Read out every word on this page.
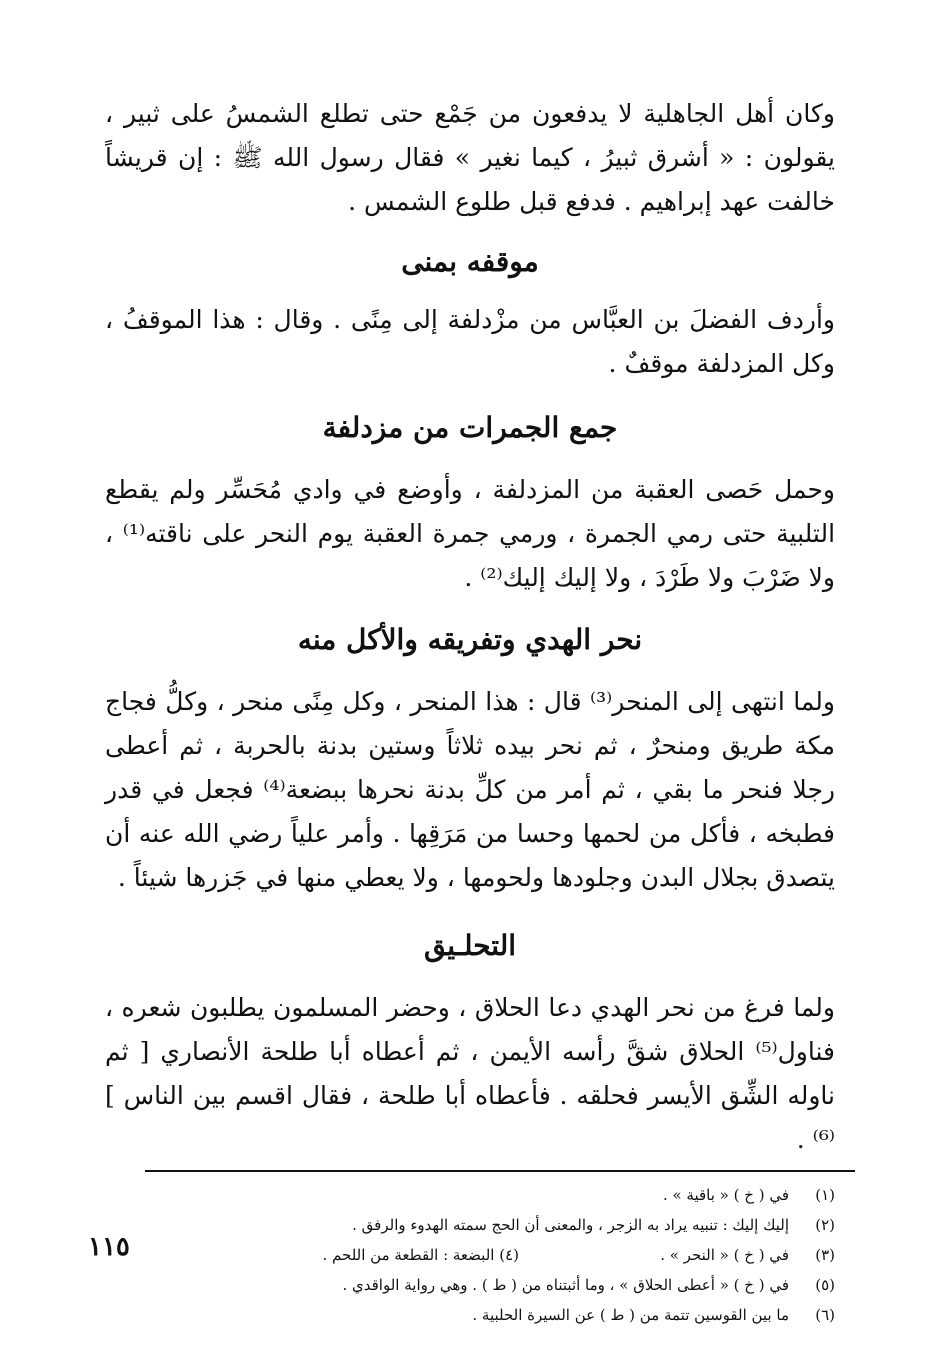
وكان أهل الجاهلية لا يدفعون من جَمْع حتى تطلع الشمسُ على ثبير ، يقولون : « أشرق ثبيرُ ، كيما نغير » فقال رسول الله ﷺ : إن قريشاً خالفت عهد إبراهيم . فدفع قبل طلوع الشمس .

موقفه بمنى

وأردف الفضلَ بن العبَّاس من مزْدلفة إلى مِنًى . وقال : هذا الموقفُ ، وكل المزدلفة موقفٌ .

جمع الجمرات من مزدلفة

وحمل حَصى العقبة من المزدلفة ، وأوضع في وادي مُحَسِّر ولم يقطع التلبية حتى رمي الجمرة ، ورمي جمرة العقبة يوم النحر على ناقته⁽¹⁾ ، ولا ضَرْبَ ولا طَرْدَ ، ولا إليك إليك⁽²⁾ .

نحر الهدي وتفريقه والأكل منه

ولما انتهى إلى المنحر⁽³⁾ قال : هذا المنحر ، وكل مِنًى منحر ، وكلُّ فجاج مكة طريق ومنحرٌ ، ثم نحر بيده ثلاثاً وستين بدنة بالحربة ، ثم أعطى رجلا فنحر ما بقي ، ثم أمر من كلِّ بدنة نحرها ببضعة⁽⁴⁾ فجعل في قدر فطبخه ، فأكل من لحمها وحسا من مَرَقِها . وأمر علياً رضي الله عنه أن يتصدق بجلال البدن وجلودها ولحومها ، ولا يعطي منها في جَزرها شيئاً .

التحلـيق

ولما فرغ من نحر الهدي دعا الحلاق ، وحضر المسلمون يطلبون شعره ، فناول⁽⁵⁾ الحلاق شقَّ رأسه الأيمن ، ثم أعطاه أبا طلحة الأنصاري [ ثم ناوله الشِّق الأيسر فحلقه . فأعطاه أبا طلحة ، فقال اقسم بين الناس ]⁽⁶⁾ .

(١)
في ( خ ) « باقية » .
(٢)
إليك إليك : تنبيه يراد به الزجر ، والمعنى أن الحج سمته الهدوء والرفق .
(٣)
في ( خ ) « النحر » .
(٤) البضعة : القطعة من اللحم .
(٥)
في ( خ ) « أعطى الحلاق » ، وما أثبتناه من ( ط ) . وهي رواية الواقدي .
(٦)
ما بين القوسين تتمة من ( ط ) عن السيرة الحلبية .
١١٥
